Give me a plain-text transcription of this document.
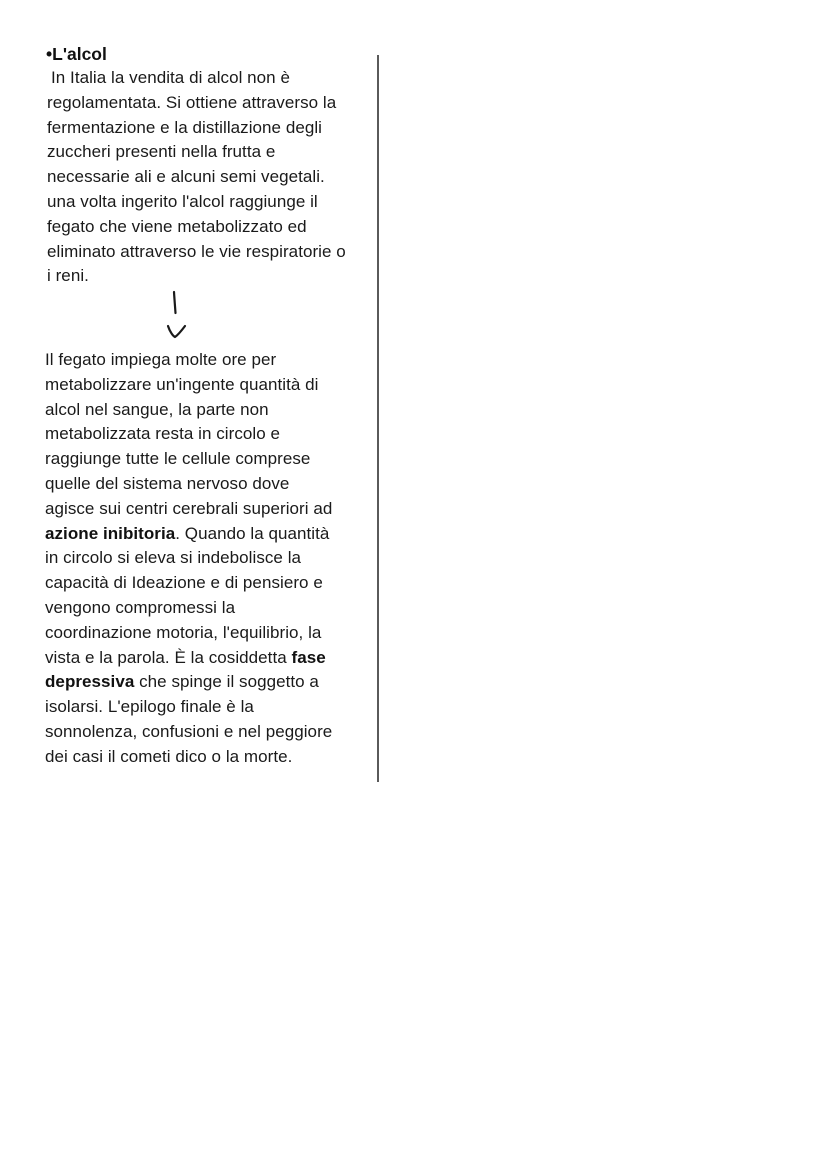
•L'alcol
In Italia la vendita di alcol non è
regolamentata. Si ottiene attraverso la
fermentazione e la distillazione degli
zuccheri presenti nella frutta e
necessarie ali e alcuni semi vegetali.
una volta ingerito l'alcol raggiunge il
fegato che viene metabolizzato ed
eliminato attraverso le vie respiratorie o
i reni.
Il fegato impiega molte ore per
metabolizzare un'ingente quantità di
alcol nel sangue, la parte non
metabolizzata resta in circolo e
raggiunge tutte le cellule comprese
quelle del sistema nervoso dove
agisce sui centri cerebrali superiori ad
azione inibitoria. Quando la quantità
in circolo si eleva si indebolisce la
capacità di Ideazione e di pensiero e
vengono compromessi la
coordinazione motoria, l'equilibrio, la
vista e la parola. È la cosiddetta fase
depressiva che spinge il soggetto a
isolarsi. L'epilogo finale è la
sonnolenza, confusioni e nel peggiore
dei casi il cometi dico o la morte.
